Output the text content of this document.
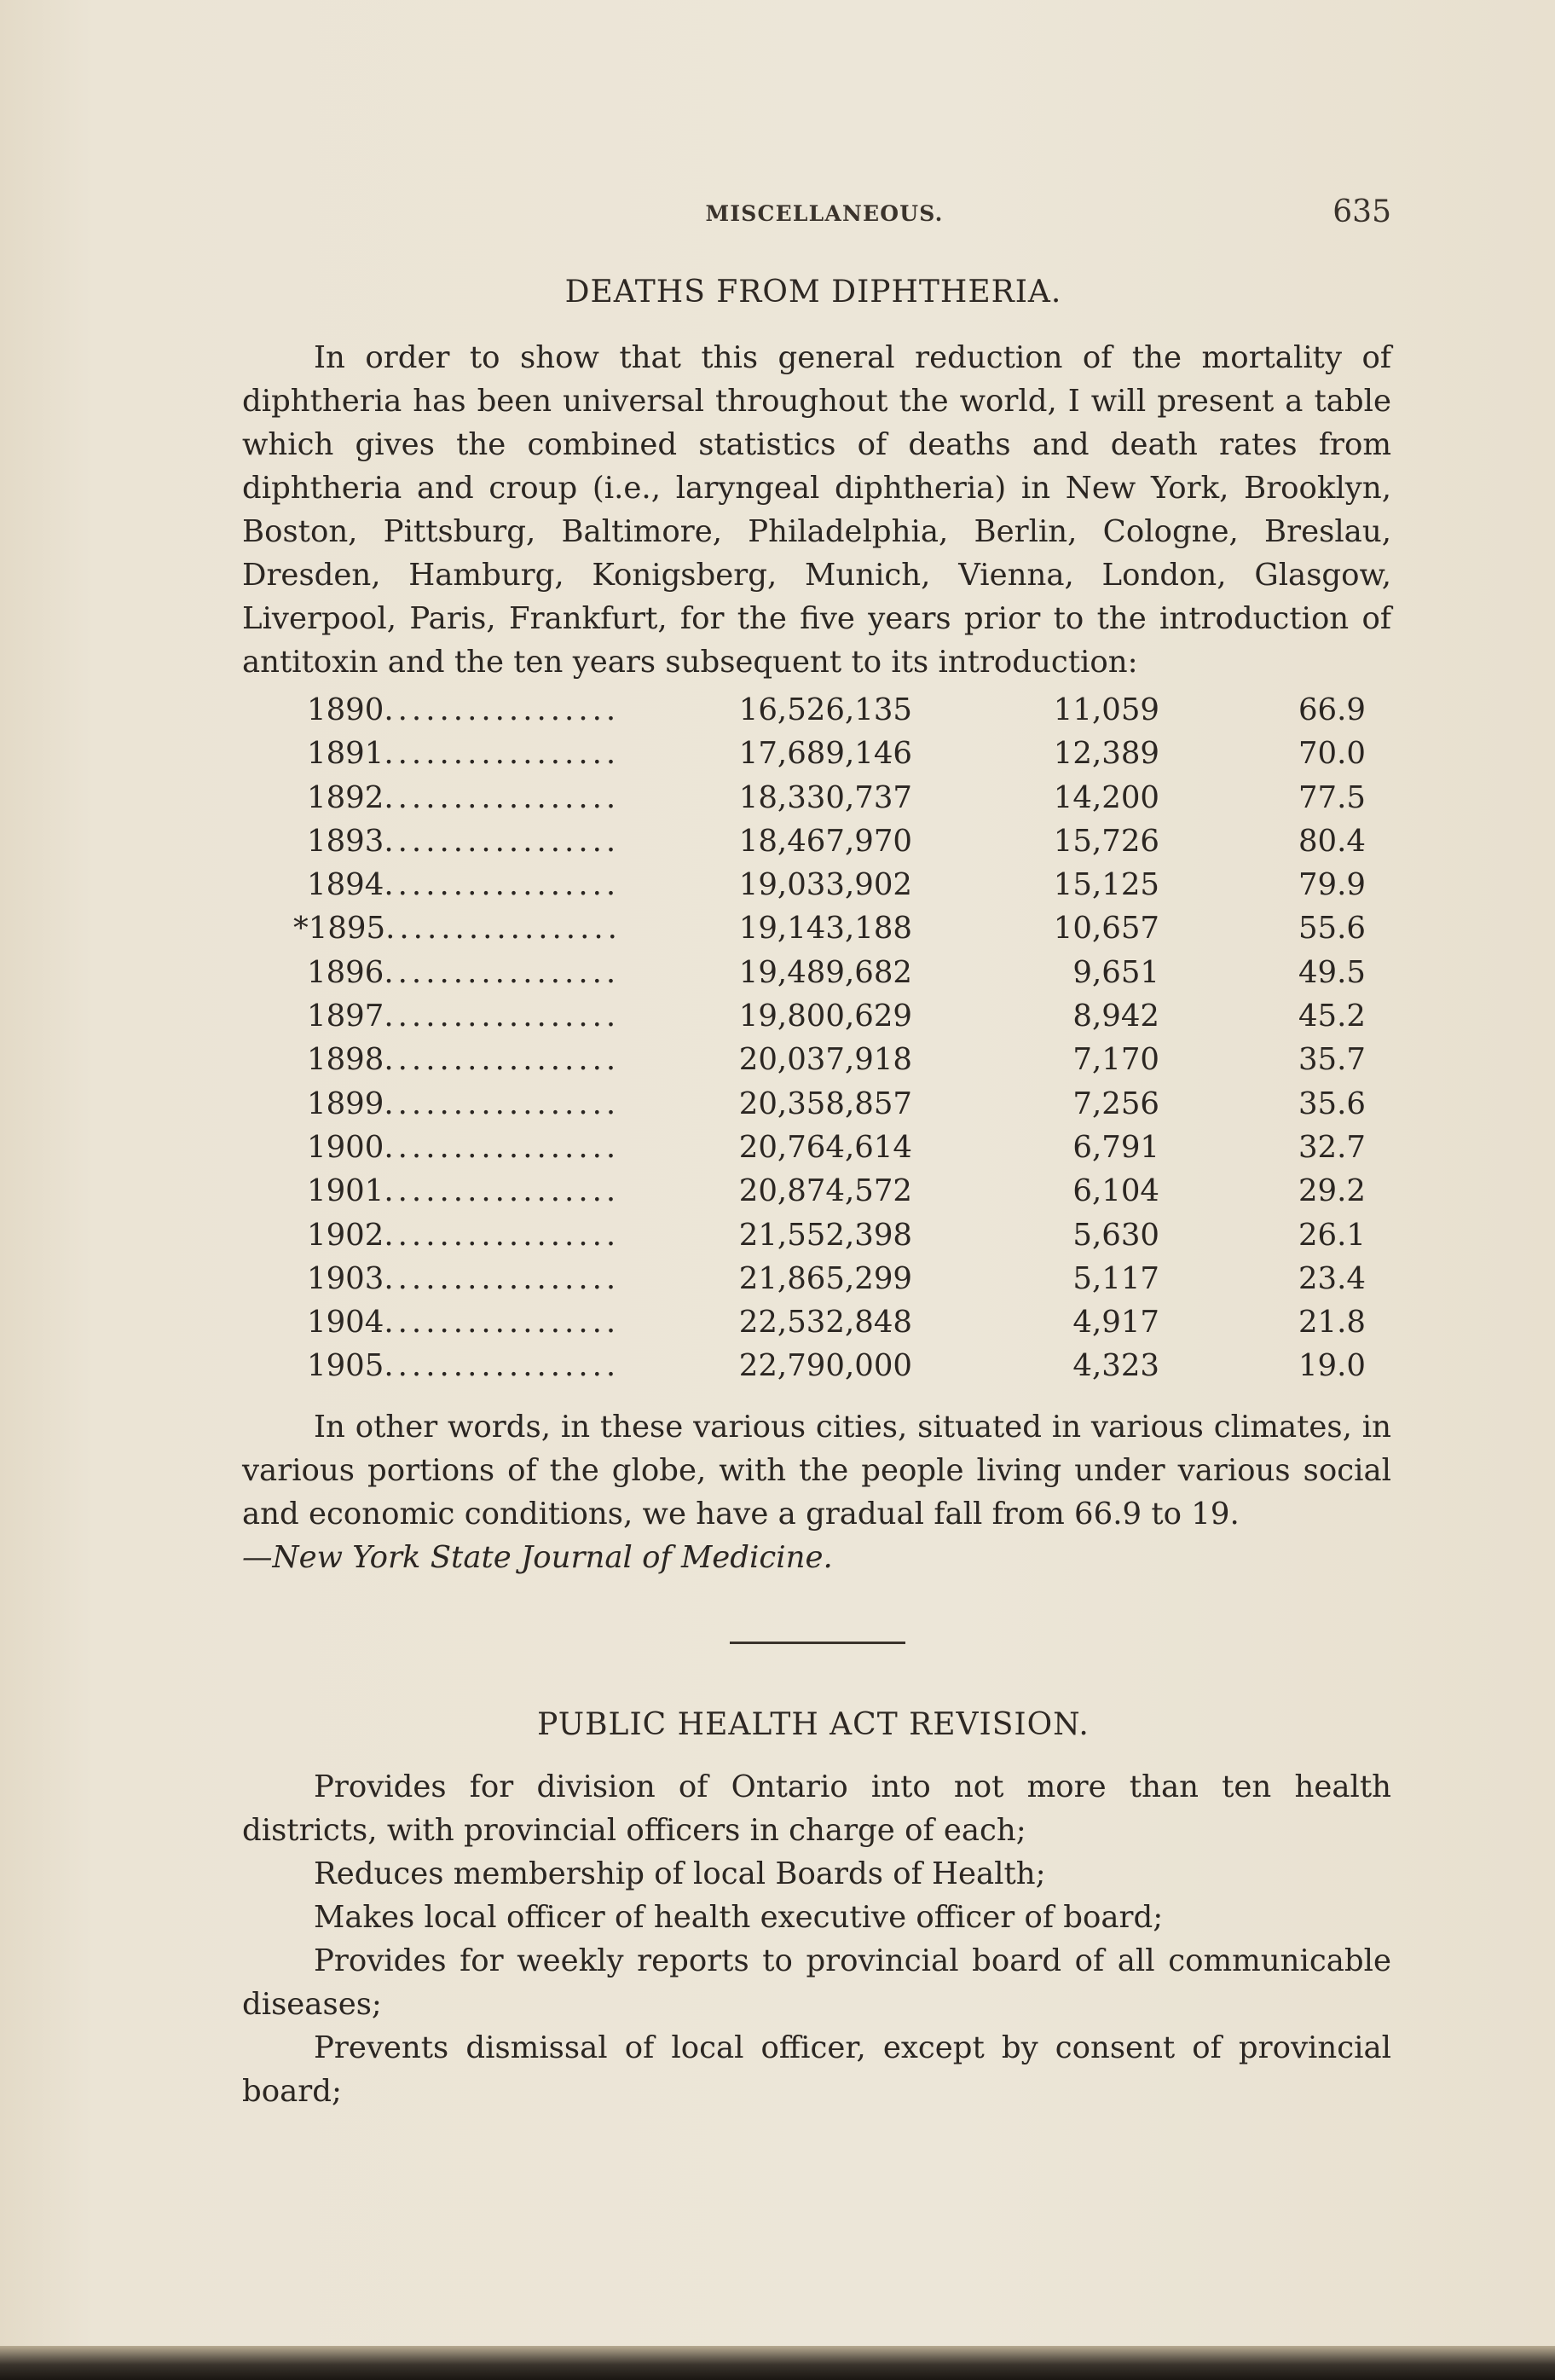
MISCELLANEOUS.	635
DEATHS FROM DIPHTHERIA.

In order to show that this general reduction of the mortality of diphtheria has been universal throughout the world, I will present a table which gives the combined statistics of deaths and death rates from diphtheria and croup (i.e., laryngeal diphtheria) in New York, Brooklyn, Boston, Pittsburg, Baltimore, Philadelphia, Berlin, Cologne, Breslau, Dresden, Hamburg, Konigsberg, Munich, Vienna, London, Glasgow, Liverpool, Paris, Frankfurt, for the five years prior to the introduction of antitoxin and the ten years subsequent to its introduction:

1890.................	16,526,135	11,059	66.9
1891.................	17,689,146	12,389	70.0
1892.................	18,330,737	14,200	77.5
1893.................	18,467,970	15,726	80.4
1894.................	19,033,902	15,125	79.9
*1895.................	19,143,188	10,657	55.6
1896.................	19,489,682	9,651	49.5
1897.................	19,800,629	8,942	45.2
1898.................	20,037,918	7,170	35.7
1899.................	20,358,857	7,256	35.6
1900.................	20,764,614	6,791	32.7
1901.................	20,874,572	6,104	29.2
1902.................	21,552,398	5,630	26.1
1903.................	21,865,299	5,117	23.4
1904.................	22,532,848	4,917	21.8
1905.................	22,790,000	4,323	19.0

In other words, in these various cities, situated in various climates, in various portions of the globe, with the people living under various social and economic conditions, we have a gradual fall from 66.9 to 19.

—New York State Journal of Medicine.

PUBLIC HEALTH ACT REVISION.

Provides for division of Ontario into not more than ten health districts, with provincial officers in charge of each;

Reduces membership of local Boards of Health;

Makes local officer of health executive officer of board;

Provides for weekly reports to provincial board of all communicable diseases;

Prevents dismissal of local officer, except by consent of provincial board;
